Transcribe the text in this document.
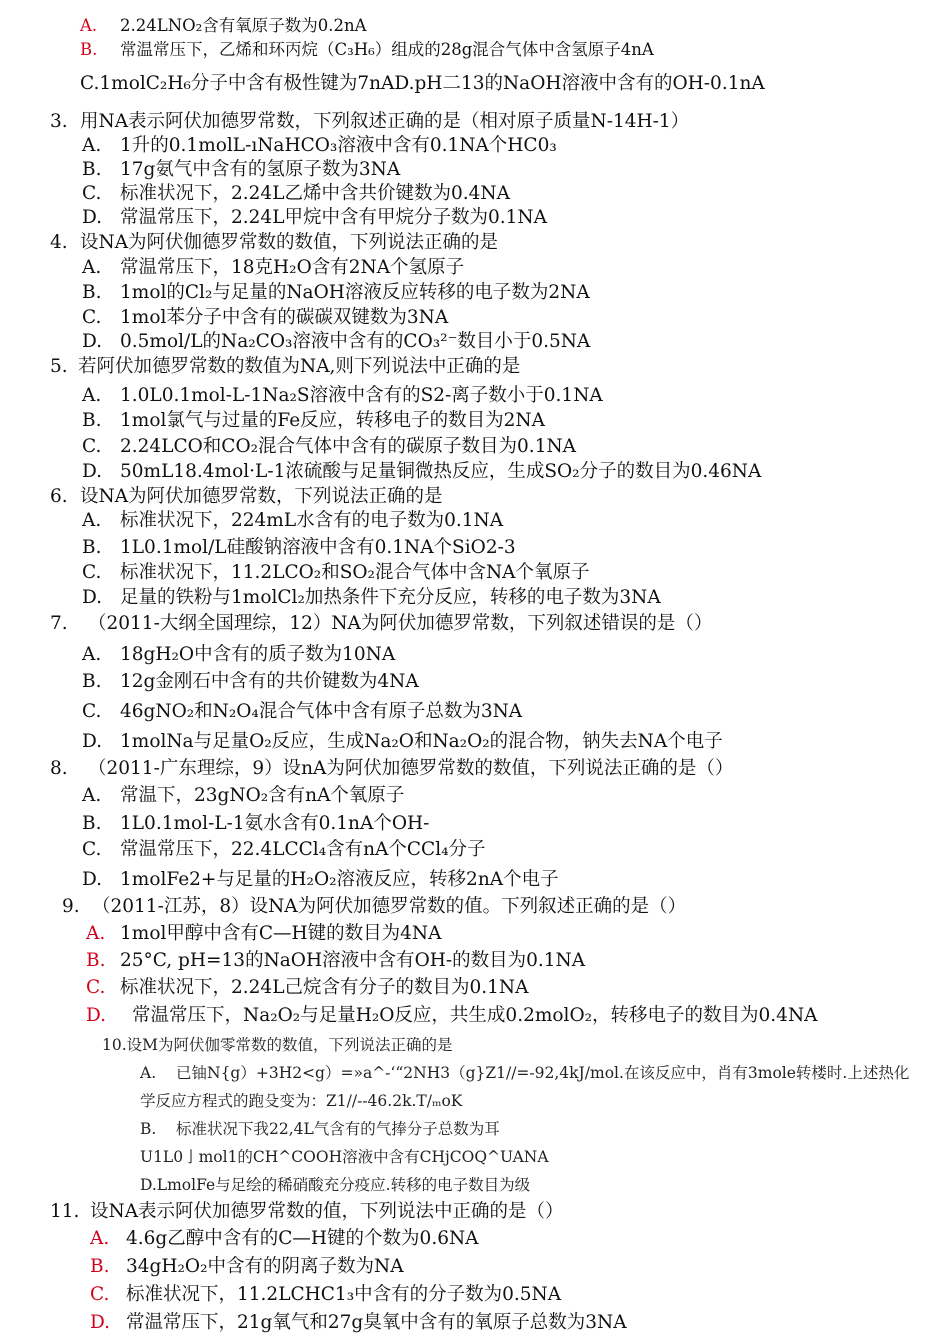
A. 2.24LNO₂含有氧原子数为0.2nA
B. 常温常压下，乙烯和环丙烷（C₃H₆）组成的28g混合气体中含氢原子4nA
C.1molC₂H₆分子中含有极性键为7nAD.pH二13的NaOH溶液中含有的OH-0.1nA
3. 用NA表示阿伏加德罗常数，下列叙述正确的是（相对原子质量N-14H-1）
A. 1升的0.1molL-ıNaHCO₃溶液中含有0.1NA个HC0₃
B. 17g氨气中含有的氢原子数为3NA
C. 标准状况下，2.24L乙烯中含共价键数为0.4NA
D. 常温常压下，2.24L甲烷中含有甲烷分子数为0.1NA
4. 设NA为阿伏伽德罗常数的数值，下列说法正确的是
A. 常温常压下，18克H₂O含有2NA个氢原子
B. 1mol的Cl₂与足量的NaOH溶液反应转移的电子数为2NA
C. 1mol苯分子中含有的碳碳双键数为3NA
D. 0.5mol/L的Na₂CO₃溶液中含有的CO₃²⁻数目小于0.5NA
5. 若阿伏加德罗常数的数值为NA,则下列说法中正确的是
A. 1.0L0.1mol-L-1Na₂S溶液中含有的S2-离子数小于0.1NA
B. 1mol氯气与过量的Fe反应，转移电子的数目为2NA
C. 2.24LCO和CO₂混合气体中含有的碳原子数目为0.1NA
D. 50mL18.4mol·L-1浓硫酸与足量铜微热反应，生成SO₂分子的数目为0.46NA
6. 设NA为阿伏加德罗常数，下列说法正确的是
A. 标准状况下，224mL水含有的电子数为0.1NA
B. 1L0.1mol/L硅酸钠溶液中含有0.1NA个SiO2-3
C. 标准状况下，11.2LCO₂和SO₂混合气体中含NA个氧原子
D. 足量的铁粉与1molCl₂加热条件下充分反应，转移的电子数为3NA
7. （2011-大纲全国理综，12）NA为阿伏加德罗常数，下列叙述错误的是（）
A. 18gH₂O中含有的质子数为10NA
B. 12g金刚石中含有的共价键数为4NA
C. 46gNO₂和N₂O₄混合气体中含有原子总数为3NA
D. 1molNa与足量O₂反应，生成Na₂O和Na₂O₂的混合物，钠失去NA个电子
8. （2011-广东理综，9）设nA为阿伏加德罗常数的数值，下列说法正确的是（）
A. 常温下，23gNO₂含有nA个氧原子
B. 1L0.1mol-L-1氨水含有0.1nA个OH-
C. 常温常压下，22.4LCCl₄含有nA个CCl₄分子
D. 1molFe2+与足量的H₂O₂溶液反应，转移2nA个电子
9. （2011-江苏，8）设NA为阿伏加德罗常数的值。下列叙述正确的是（）
A. 1mol甲醇中含有C—H键的数目为4NA
B. 25°C, pH=13的NaOH溶液中含有OH-的数目为0.1NA
C. 标准状况下，2.24L己烷含有分子的数目为0.1NA
D. 常温常压下，Na₂O₂与足量H₂O反应，共生成0.2molO₂，转移电子的数目为0.4NA
10.设M为阿伏伽零常数的数值，下列说法正确的是
A. 已铀N{g）+3H2<g）=»a^-‘“2NH3（g}Z1//=-92,4kJ/mol.在该反应中，肖有3mole转楼时.上述热化
学反应方程式的跑殳变为：Z1//--46.2k.T/ₘoK
B. 标准状况下我22,4L气含有的气捧分子总数为耳
U1L0亅mol1的CH^COOH溶液中含有CHjCOQ^UANA
D.LmolFe与足绘的稀硝酸充分疫应.转移的电子数目为级
11. 设NA表示阿伏加德罗常数的值，下列说法中正确的是（）
A. 4.6g乙醇中含有的C—H键的个数为0.6NA
B. 34gH₂O₂中含有的阴离子数为NA
C. 标准状况下，11.2LCHC1₃中含有的分子数为0.5NA
D. 常温常压下，21g氧气和27g臭氧中含有的氧原子总数为3NA
